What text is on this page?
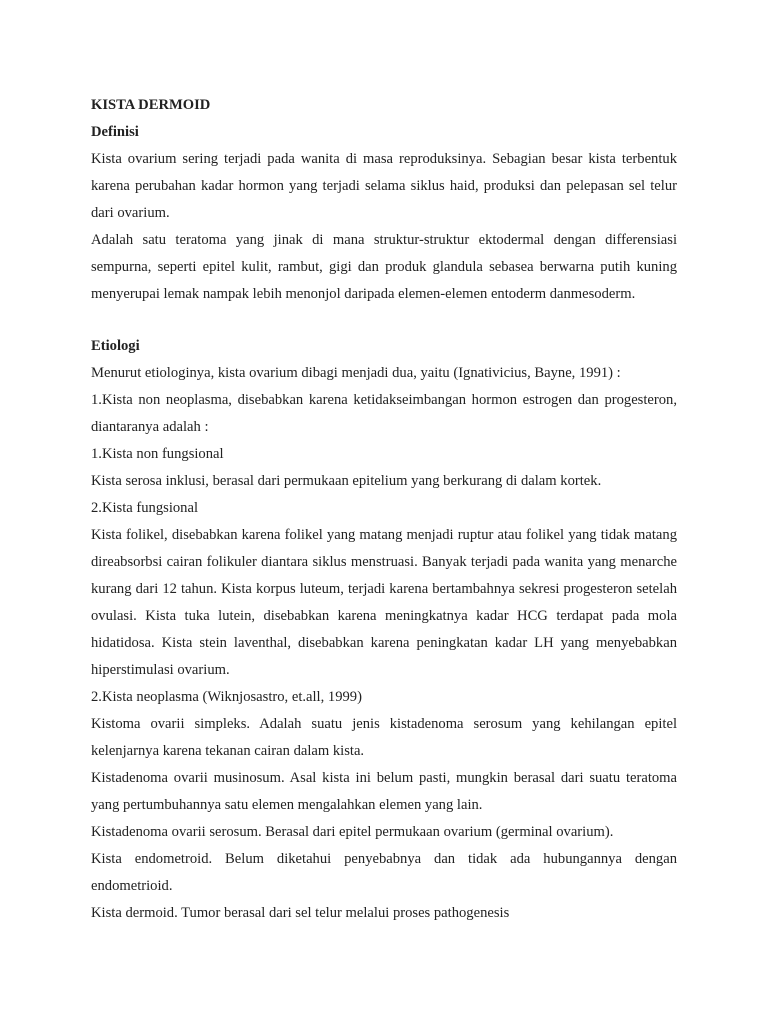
KISTA DERMOID

Definisi

Kista ovarium sering terjadi pada wanita di masa reproduksinya. Sebagian besar kista terbentuk karena perubahan kadar hormon yang terjadi selama siklus haid, produksi dan pelepasan sel telur dari ovarium.

Adalah satu teratoma yang jinak di mana struktur-struktur ektodermal dengan differensiasi sempurna, seperti epitel kulit, rambut, gigi dan produk glandula sebasea berwarna putih kuning menyerupai lemak nampak lebih menonjol daripada elemen-elemen entoderm danmesoderm.

Etiologi

Menurut etiologinya, kista ovarium dibagi menjadi dua, yaitu (Ignativicius, Bayne, 1991) :

1.Kista non neoplasma, disebabkan karena ketidakseimbangan hormon estrogen dan progesteron, diantaranya adalah :

1.Kista non fungsional

Kista serosa inklusi, berasal dari permukaan epitelium yang berkurang di dalam kortek.

2.Kista fungsional

Kista folikel, disebabkan karena folikel yang matang menjadi ruptur atau folikel yang tidak matang direabsorbsi cairan folikuler diantara siklus menstruasi. Banyak terjadi pada wanita yang menarche kurang dari 12 tahun. Kista korpus luteum, terjadi karena bertambahnya sekresi progesteron setelah ovulasi. Kista tuka lutein, disebabkan karena meningkatnya kadar HCG terdapat pada mola hidatidosa. Kista stein laventhal, disebabkan karena peningkatan kadar LH yang menyebabkan hiperstimulasi ovarium.

2.Kista neoplasma (Wiknjosastro, et.all, 1999)

Kistoma ovarii simpleks. Adalah suatu jenis kistadenoma serosum yang kehilangan epitel kelenjarnya karena tekanan cairan dalam kista.

Kistadenoma ovarii musinosum. Asal kista ini belum pasti, mungkin berasal dari suatu teratoma yang pertumbuhannya satu elemen mengalahkan elemen yang lain.

Kistadenoma ovarii serosum. Berasal dari epitel permukaan ovarium (germinal ovarium).

Kista endometroid. Belum diketahui penyebabnya dan tidak ada hubungannya dengan endometrioid.

Kista dermoid. Tumor berasal dari sel telur melalui proses pathogenesis
